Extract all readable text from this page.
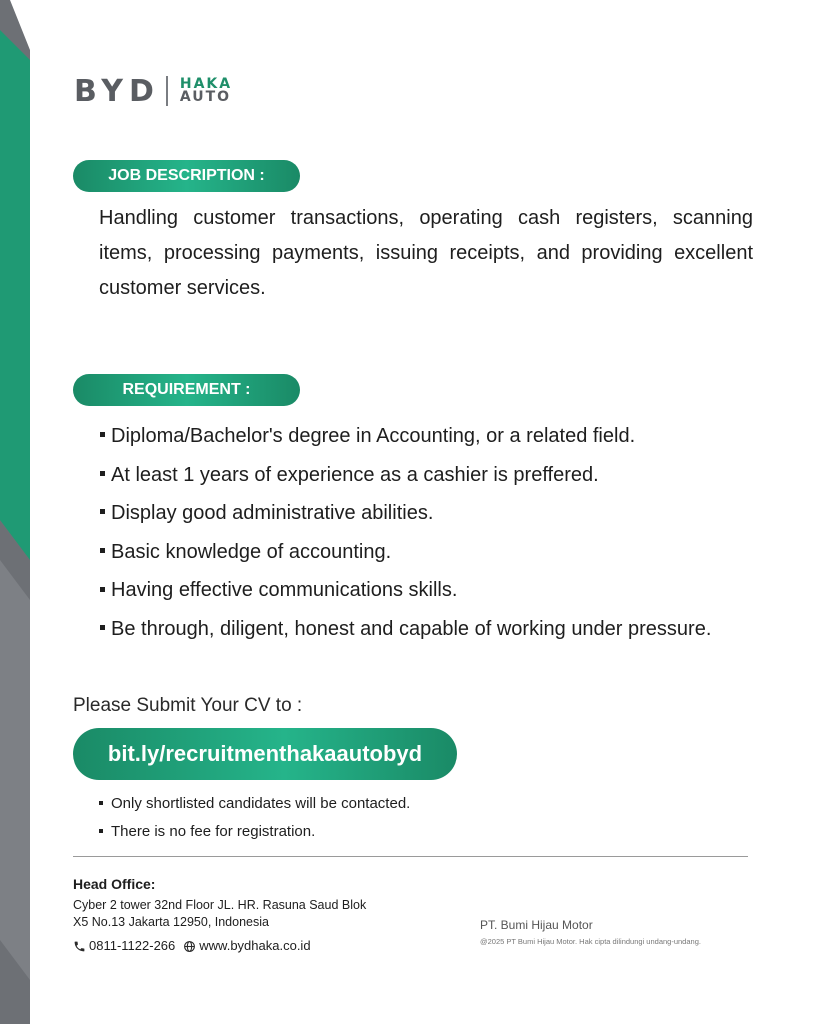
BYD HAKA
AUTO
JOB DESCRIPTION :
Handling customer transactions, operating cash registers, scanning items, processing payments, issuing receipts, and providing excellent customer services.
REQUIREMENT :
Diploma/Bachelor's degree in Accounting, or a related field.
At least 1 years of experience as a cashier is preffered.
Display good administrative abilities.
Basic knowledge of accounting.
Having effective communications skills.
Be through, diligent, honest and capable of working under pressure.
Please Submit Your CV to :
bit.ly/recruitmenthakaautobyd
Only shortlisted candidates will be contacted.
There is no fee for registration.
Head Office:
Cyber 2 tower 32nd Floor JL. HR. Rasuna Saud Blok
X5 No.13 Jakarta 12950, Indonesia
0811-1122-266 www.bydhaka.co.id
PT. Bumi Hijau Motor
@2025 PT Bumi Hijau Motor. Hak cipta dilindungi undang-undang.
